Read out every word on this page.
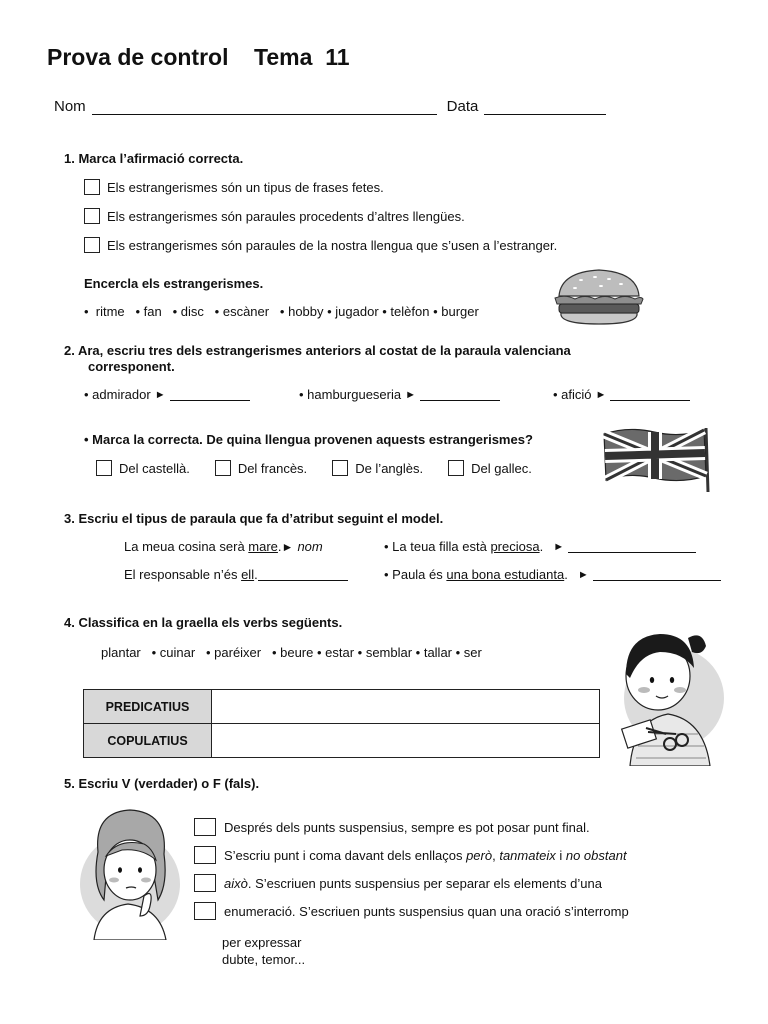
Prova de control    Tema  11
Nom	Data
1. Marca l’afirmació correcta.
Els estrangerismes són un tipus de frases fetes.
Els estrangerismes són paraules procedents d’altres llengües.
Els estrangerismes són paraules de la nostra llengua que s’usen a l’estranger.
Encercla els estrangerismes.
•  ritme   • fan   • disc   • escàner   • hobby • jugador • telèfon • burger
2. Ara, escriu tres dels estrangerismes anteriors al costat de la paraula valenciana
corresponent.
• admirador ►	• hamburgueseria ►	• afició ►
• Marca la correcta. De quina llengua provenen aquests estrangerismes?
Del castellà.	Del francès.	De l’anglès.	Del gallec.
3. Escriu el tipus de paraula que fa d’atribut seguint el model.
La meua cosina serà mare . ► nom	• La teua filla està preciosa . ►
El responsable n’és ell .	• Paula és una bona estudianta . ►
4. Classifica en la graella els verbs següents.
plantar   • cuinar   • paréixer   • beure • estar • semblar • tallar • ser
PREDICATIUS	
COPULATIUS	
5. Escriu V (verdader) o F (fals).
Després dels punts suspensius, sempre es pot posar punt final.
S’escriu punt i coma davant dels enllaços però , tanmateix i no obstant
això . S’escriuen punts suspensius per separar els elements d’una
enumeració. S’escriuen punts suspensius quan una oració s’interromp
per expressar
dubte, temor...
